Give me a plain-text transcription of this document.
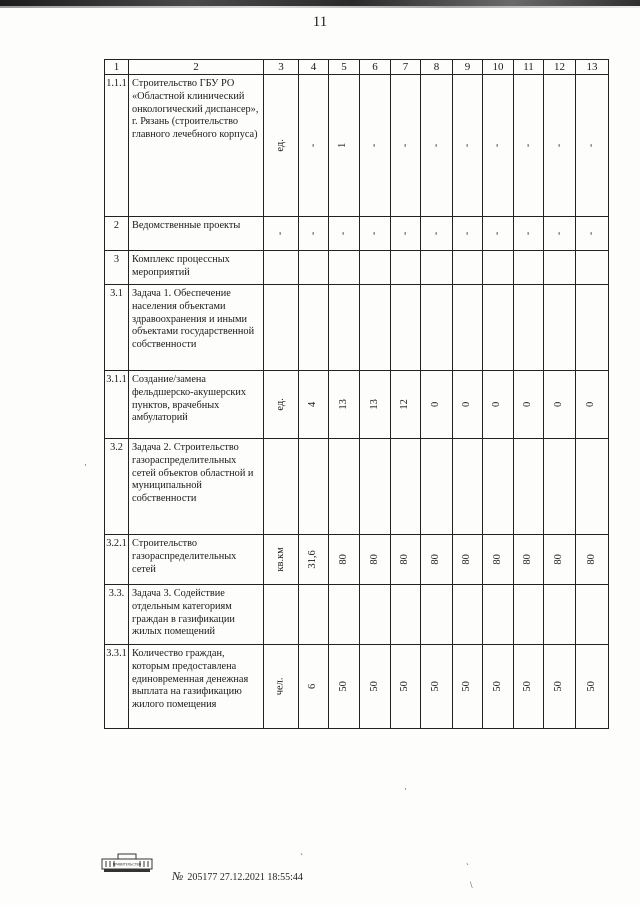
11
1	2	3	4	5	6	7	8	9	10	11	12	13
1.1.1	Строительство ГБУ РО «Областной клинический онкологический диспансер», г. Рязань (строительство главного лечебного корпуса)	ед.	-	1	-	-	-	-	-	-	-	-
2	Ведомственные проекты	-	-	-	-	-	-	-	-	-	-	-
3	Комплекс процессных мероприятий											
3.1	Задача 1. Обеспечение населения объектами здравоохранения и иными объектами государственной собственности											
3.1.1	Создание/замена фельдшерско-акушерских пунктов, врачебных амбулаторий	ед.	4	13	13	12	0	0	0	0	0	0
3.2	Задача 2. Строительство газораспределительных сетей объектов областной и муниципальной собственности											
3.2.1	Строительство газораспределительных сетей	кв.км	31,6	80	80	80	80	80	80	80	80	80
3.3.	Задача 3. Содействие отдельным категориям граждан в газификации жилых помещений											
3.3.1	Количество граждан, которым предоставлена единовременная денежная выплата на газификацию жилого помещения	чел.	6	50	50	50	50	50	50	50	50	50
·
·
`
ˋ
\
ПРАВИТЕЛЬСТВО
№ 205177 27.12.2021 18:55:44
